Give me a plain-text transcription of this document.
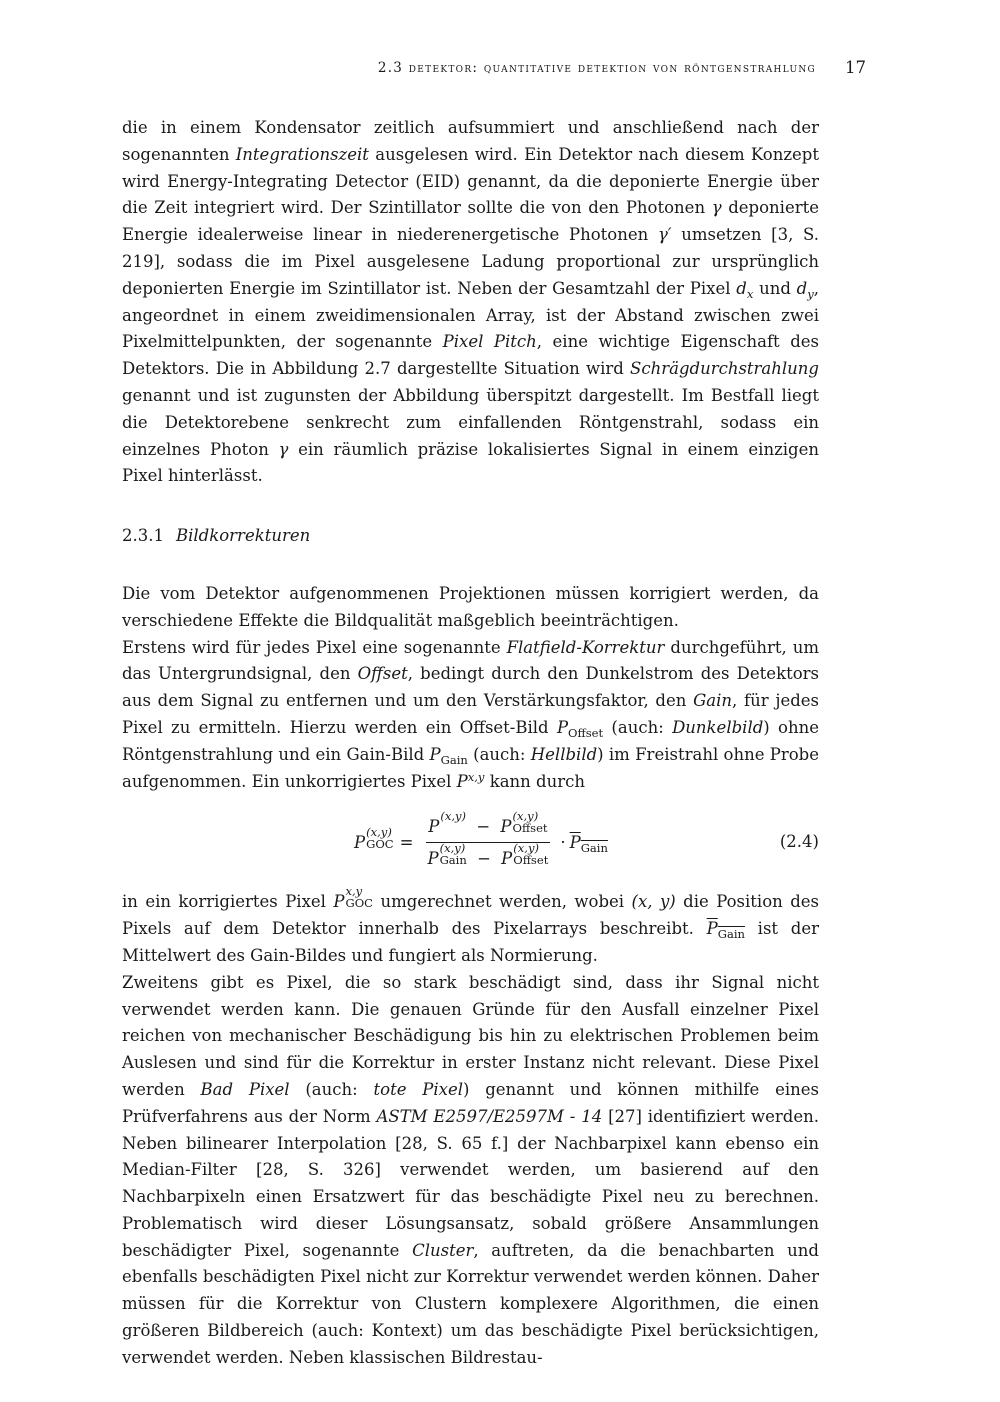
2.3 detektor: quantitative detektion von röntgenstrahlung 17

die in einem Kondensator zeitlich aufsummiert und anschließend nach der sogenannten Integrationszeit ausgelesen wird. Ein Detektor nach diesem Konzept wird Energy-Integrating Detector (EID) genannt, da die deponierte Energie über die Zeit integriert wird. Der Szintillator sollte die von den Photonen γ deponierte Energie idealerweise linear in niederenergetische Photonen γ′ umsetzen [3, S. 219], sodass die im Pixel ausgelesene Ladung proportional zur ursprünglich deponierten Energie im Szintillator ist. Neben der Gesamtzahl der Pixel $d_x$ und $d_y$, angeordnet in einem zweidimensionalen Array, ist der Abstand zwischen zwei Pixelmittelpunkten, der sogenannte Pixel Pitch, eine wichtige Eigenschaft des Detektors. Die in Abbildung 2.7 dargestellte Situation wird Schrägdurchstrahlung genannt und ist zugunsten der Abbildung überspitzt dargestellt. Im Bestfall liegt die Detektorebene senkrecht zum einfallenden Röntgenstrahl, sodass ein einzelnes Photon γ ein räumlich präzise lokalisiertes Signal in einem einzigen Pixel hinterlässt.

2.3.1 Bildkorrekturen

Die vom Detektor aufgenommenen Projektionen müssen korrigiert werden, da verschiedene Effekte die Bildqualität maßgeblich beeinträchtigen.

Erstens wird für jedes Pixel eine sogenannte Flatfield-Korrektur durchgeführt, um das Untergrundsignal, den Offset, bedingt durch den Dunkelstrom des Detektors aus dem Signal zu entfernen und um den Verstärkungsfaktor, den Gain, für jedes Pixel zu ermitteln. Hierzu werden ein Offset-Bild $P_{Offset}$ (auch: Dunkelbild) ohne Röntgenstrahlung und ein Gain-Bild $P_{Gain}$ (auch: Hellbild) im Freistrahl ohne Probe aufgenommen. Ein unkorrigiertes Pixel P$^{x,y}$ kann durch

P
(x,y)
GOC = P
(x,y)

− P
(x,y)
Offset
P
(x,y)
Gain − P
(x,y)
Offset · $P_{Gain}$	(2.4)

in ein korrigiertes Pixel P
x,y
GOC umgerechnet werden, wobei (x, y) die Position des Pixels auf dem Detektor innerhalb des Pixelarrays beschreibt. $P_{Gain}$ ist der Mittelwert des Gain-Bildes und fungiert als Normierung.

Zweitens gibt es Pixel, die so stark beschädigt sind, dass ihr Signal nicht verwendet werden kann. Die genauen Gründe für den Ausfall einzelner Pixel reichen von mechanischer Beschädigung bis hin zu elektrischen Problemen beim Auslesen und sind für die Korrektur in erster Instanz nicht relevant. Diese Pixel werden Bad Pixel (auch: tote Pixel) genannt und können mithilfe eines Prüfverfahrens aus der Norm ASTM E2597/E2597M - 14 [27] identifiziert werden. Neben bilinearer Interpolation [28, S. 65 f.] der Nachbarpixel kann ebenso ein Median-Filter [28, S. 326] verwendet werden, um basierend auf den Nachbarpixeln einen Ersatzwert für das beschädigte Pixel neu zu berechnen. Problematisch wird dieser Lösungsansatz, sobald größere Ansammlungen beschädigter Pixel, sogenannte Cluster, auftreten, da die benachbarten und ebenfalls beschädigten Pixel nicht zur Korrektur verwendet werden können. Daher müssen für die Korrektur von Clustern komplexere Algorithmen, die einen größeren Bildbereich (auch: Kontext) um das beschädigte Pixel berücksichtigen, verwendet werden. Neben klassischen Bildrestau-
